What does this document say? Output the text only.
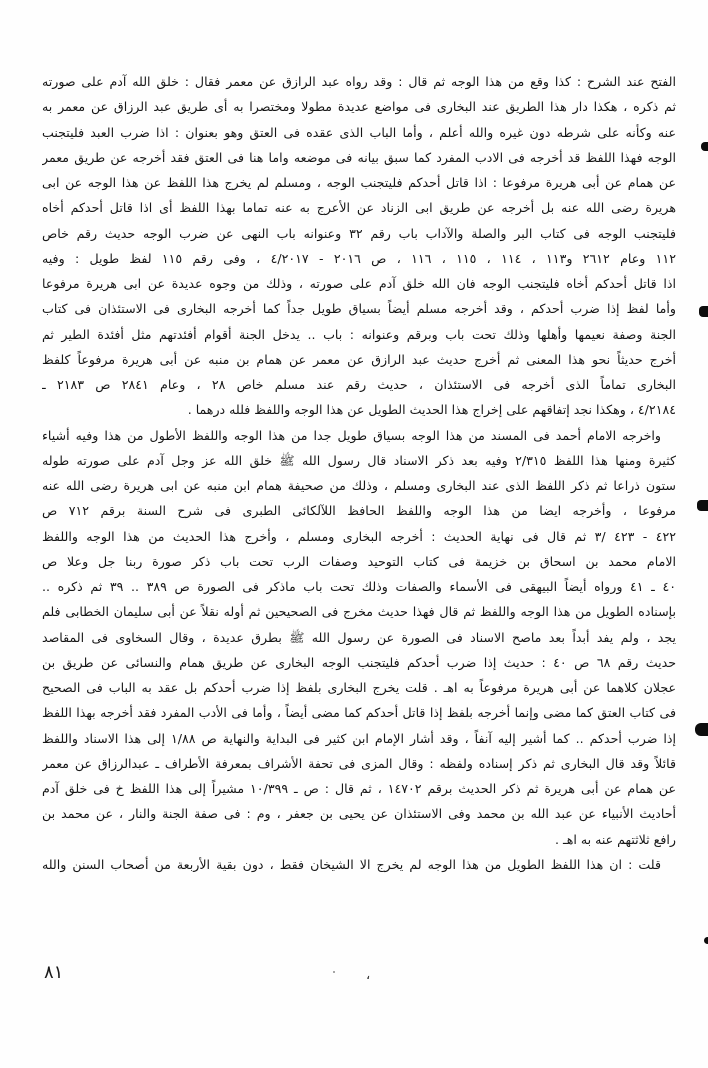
الفتح عند الشرح : كذا وقع من هذا الوجه ثم قال : وقد رواه عبد الرازق عن معمر فقال : خلق الله آدم على صورته
ثم ذكره ، هكذا دار هذا الطريق عند البخارى فى مواضع عديدة مطولا ومختصرا به أى طريق عبد الرزاق عن معمر به
عنه وكأنه على شرطه دون غيره والله أعلم ، وأما الباب الذى عقده فى العتق وهو بعنوان : اذا ضرب العبد فليتجنب
الوجه فهذا اللفظ قد أخرجه فى الادب المفرد كما سبق بيانه فى موضعه واما هنا فى العتق فقد أخرجه عن طريق معمر
عن همام عن أبى هريرة مرفوعا : اذا قاتل أحدكم فليتجنب الوجه ، ومسلم لم يخرج هذا اللفظ عن هذا الوجه عن ابى
هريرة رضى الله عنه بل أخرجه عن طريق ابى الزناد عن الأعرج به عنه تماما بهذا اللفظ أى اذا قاتل أحدكم أخاه
فليتجنب الوجه فى كتاب البر والصلة والآداب باب رقم ٣٢ وعنوانه باب النهى عن ضرب الوجه حديث رقم خاص
١١٢ وعام ٢٦١٢ و١١٣ ، ١١٤ ، ١١٥ ، ١١٦ ، ص ٢٠١٦ - ٤/٢٠١٧ ، وفى رقم ١١٥ لفظ طويل : وفيه
اذا قاتل أحدكم أخاه فليتجنب الوجه فان الله خلق آدم على صورته ، وذلك من وجوه عديدة عن ابى هريرة مرفوعا
وأما لفظ إذا ضرب أحدكم ، وقد أخرجه مسلم أيضاً بسياق طويل جداً كما أخرجه البخارى فى الاستئذان فى كتاب
الجنة وصفة نعيمها وأهلها وذلك تحت باب وبرقم وعنوانه : باب .. يدخل الجنة أقوام أفئدتهم مثل أفئدة الطير ثم
أخرج حديثاً نحو هذا المعنى ثم أخرج حديث عبد الرازق عن معمر عن همام بن منبه عن أبى هريرة مرفوعاً كلفظ
البخارى تماماً الذى أخرجه فى الاستئذان ، حديث رقم عند مسلم خاص ٢٨ ، وعام ٢٨٤١ ص ٢١٨٣ ـ
٤/٢١٨٤ ، وهكذا نجد إتفاقهم على إخراج هذا الحديث الطويل عن هذا الوجه واللفظ فلله درهما .
واخرجه الامام أحمد فى المسند من هذا الوجه بسياق طويل جدا من هذا الوجه واللفظ الأطول من هذا وفيه أشياء
كثيرة ومنها هذا اللفظ ٢/٣١٥ وفيه بعد ذكر الاسناد قال رسول الله ﷺ خلق الله عز وجل آدم على صورته طوله
ستون ذراعا ثم ذكر اللفظ الذى عند البخارى ومسلم ، وذلك من صحيفة همام ابن منبه عن ابى هريرة رضى الله عنه
مرفوعا ، وأخرجه ايضا من هذا الوجه واللفظ الحافظ اللآلكائى الطبرى فى شرح السنة برقم ٧١٢ ص
٤٢٢ - ٤٢٣ /٣ ثم قال فى نهاية الحديث : أخرجه البخارى ومسلم ، وأخرج هذا الحديث من هذا الوجه واللفظ
الامام محمد بن اسحاق بن خزيمة فى كتاب التوحيد وصفات الرب تحت باب ذكر صورة ربنا جل وعلا ص
٤٠ ـ ٤١ ورواه أيضاً البيهقى فى الأسماء والصفات وذلك تحت باب ماذكر فى الصورة ص ٣٨٩ .. ٣٩ ثم ذكره ..
بإسناده الطويل من هذا الوجه واللفظ ثم قال فهذا حديث مخرج فى الصحيحين ثم أوله نقلاً عن أبى سليمان الخطابى فلم
يجد ، ولم يفد أبداً بعد ماصح الاسناد فى الصورة عن رسول الله ﷺ بطرق عديدة ، وقال السخاوى فى المقاصد
حديث رقم ٦٨ ص ٤٠ : حديث إذا ضرب أحدكم فليتجنب الوجه البخارى عن طريق همام والنسائى عن طريق بن
عجلان كلاهما عن أبى هريرة مرفوعاً به اهـ . قلت يخرج البخارى بلفظ إذا ضرب أحدكم بل عقد به الباب فى الصحيح
فى كتاب العتق كما مضى وإنما أخرجه بلفظ إذا قاتل أحدكم كما مضى أيضاً ، وأما فى الأدب المفرد فقد أخرجه بهذا اللفظ
إذا ضرب أحدكم .. كما أشير إليه آنفاً ، وقد أشار الإمام ابن كثير فى البداية والنهاية ص ١/٨٨ إلى هذا الاسناد واللفظ
قائلاً وقد قال البخارى ثم ذكر إسناده ولفظه : وقال المزى فى تحفة الأشراف بمعرفة الأطراف ـ عبدالرزاق عن معمر
عن همام عن أبى هريرة ثم ذكر الحديث برقم ١٤٧٠٢ ، ثم قال : ص ـ ١٠/٣٩٩ مشيراً إلى هذا اللفظ خ فى خلق آدم
أحاديث الأنبياء عن عبد الله بن محمد وفى الاستئذان عن يحيى بن جعفر ، وم : فى صفة الجنة والنار ، عن محمد بن
رافع ثلاثتهم عنه به اهـ .
قلت : ان هذا اللفظ الطويل من هذا الوجه لم يخرج الا الشيخان فقط ، دون بقية الأربعة من أصحاب السنن والله
،
٨١
